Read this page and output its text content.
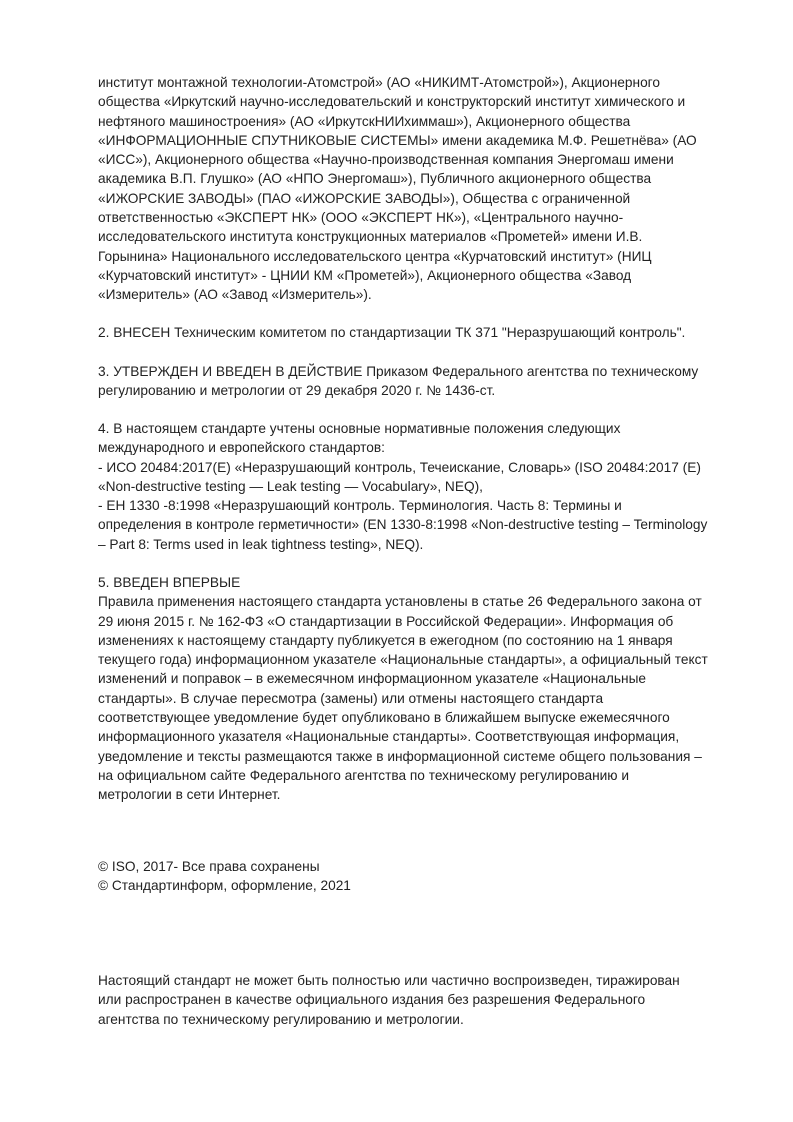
институт монтажной технологии-Атомстрой» (АО «НИКИМТ-Атомстрой»), Акционерного

общества «Иркутский научно-исследовательский и конструкторский институт химического и

нефтяного машиностроения» (АО «ИркутскНИИхиммаш»), Акционерного общества

«ИНФОРМАЦИОННЫЕ СПУТНИКОВЫЕ СИСТЕМЫ» имени академика М.Ф. Решетнёва» (АО

«ИСС»), Акционерного общества «Научно-производственная компания Энергомаш имени

академика В.П. Глушко» (АО «НПО Энергомаш»), Публичного акционерного общества

«ИЖОРСКИЕ ЗАВОДЫ» (ПАО «ИЖОРСКИЕ ЗАВОДЫ»), Общества с ограниченной

ответственностью «ЭКСПЕРТ НК» (ООО «ЭКСПЕРТ НК»), «Центрального научно-

исследовательского института конструкционных материалов «Прометей» имени И.В.

Горынина» Национального исследовательского центра «Курчатовский институт» (НИЦ

«Курчатовский институт» - ЦНИИ КМ «Прометей»), Акционерного общества «Завод

«Измеритель» (АО «Завод «Измеритель»).

2. ВНЕСЕН Техническим комитетом по стандартизации ТК 371 "Неразрушающий контроль".

3. УТВЕРЖДЕН И ВВЕДЕН В ДЕЙСТВИЕ Приказом Федерального агентства по техническому

регулированию и метрологии от 29 декабря 2020 г. № 1436-ст.

4. В настоящем стандарте учтены основные нормативные положения следующих

международного и европейского стандартов:

- ИСО 20484:2017(Е) «Неразрушающий контроль, Течеискание, Словарь» (ISO 20484:2017 (E)

«Non-destructive testing — Leak testing — Vocabulary», NEQ),

- ЕН 1330 -8:1998 «Неразрушающий контроль. Терминология. Часть 8: Термины и

определения в контроле герметичности» (EN 1330-8:1998 «Non-destructive testing – Terminology

– Part 8: Terms used in leak tightness testing», NEQ).

5. ВВЕДЕН ВПЕРВЫЕ

Правила применения настоящего стандарта установлены в статье 26 Федерального закона от

29 июня 2015 г. № 162-ФЗ «О стандартизации в Российской Федерации». Информация об

изменениях к настоящему стандарту публикуется в ежегодном (по состоянию на 1 января

текущего года) информационном указателе «Национальные стандарты», а официальный текст

изменений и поправок – в ежемесячном информационном указателе «Национальные

стандарты». В случае пересмотра (замены) или отмены настоящего стандарта

соответствующее уведомление будет опубликовано в ближайшем выпуске ежемесячного

информационного указателя «Национальные стандарты». Соответствующая информация,

уведомление и тексты размещаются также в информационной системе общего пользования –

на официальном сайте Федерального агентства по техническому регулированию и

метрологии в сети Интернет.

© ISO, 2017- Все права сохранены

© Стандартинформ, оформление, 2021

Настоящий стандарт не может быть полностью или частично воспроизведен, тиражирован

или распространен в качестве официального издания без разрешения Федерального

агентства по техническому регулированию и метрологии.
